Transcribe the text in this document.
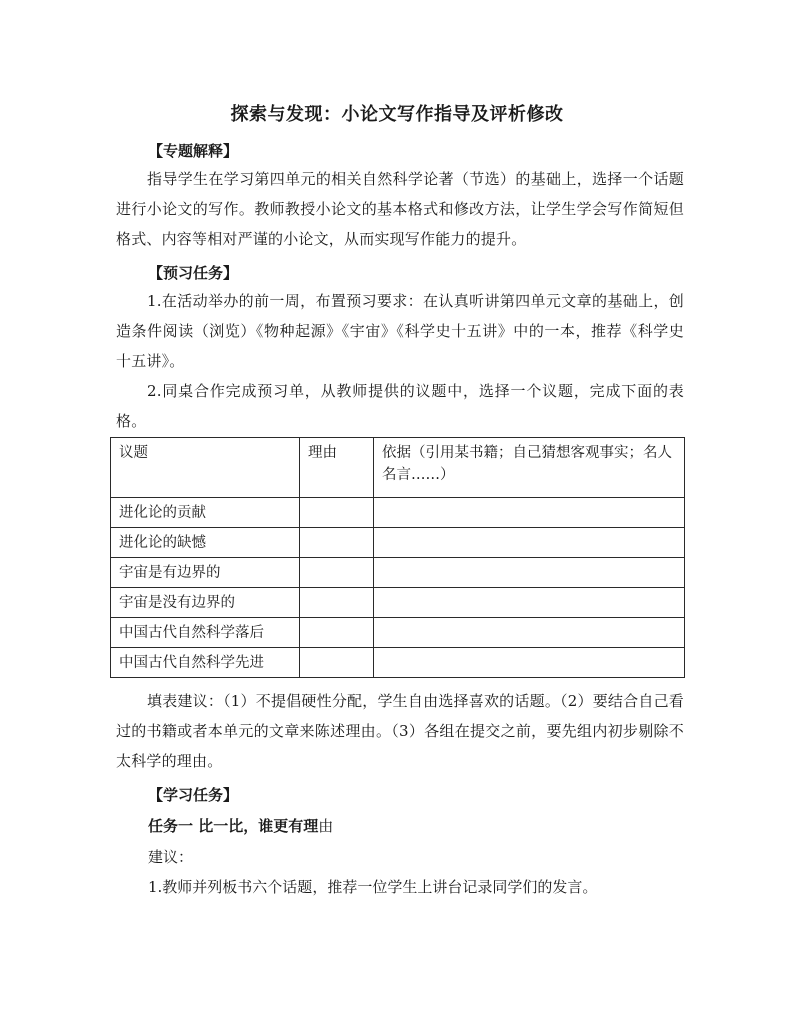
探索与发现：小论文写作指导及评析修改
【专题解释】
指导学生在学习第四单元的相关自然科学论著（节选）的基础上，选择一个话题进行小论文的写作。教师教授小论文的基本格式和修改方法，让学生学会写作简短但格式、内容等相对严谨的小论文，从而实现写作能力的提升。
【预习任务】
1.在活动举办的前一周，布置预习要求：在认真听讲第四单元文章的基础上，创造条件阅读（浏览）《物种起源》《宇宙》《科学史十五讲》中的一本，推荐《科学史十五讲》。
2.同桌合作完成预习单，从教师提供的议题中，选择一个议题，完成下面的表格。
议题	理由	依据（引用某书籍；自己猜想客观事实；名人名言……）
进化论的贡献		
进化论的缺憾		
宇宙是有边界的		
宇宙是没有边界的		
中国古代自然科学落后		
中国古代自然科学先进		
填表建议：（1）不提倡硬性分配，学生自由选择喜欢的话题。（2）要结合自己看过的书籍或者本单元的文章来陈述理由。（3）各组在提交之前，要先组内初步剔除不太科学的理由。
【学习任务】
任务一 比一比，谁更有理由
建议：
1.教师并列板书六个话题，推荐一位学生上讲台记录同学们的发言。
